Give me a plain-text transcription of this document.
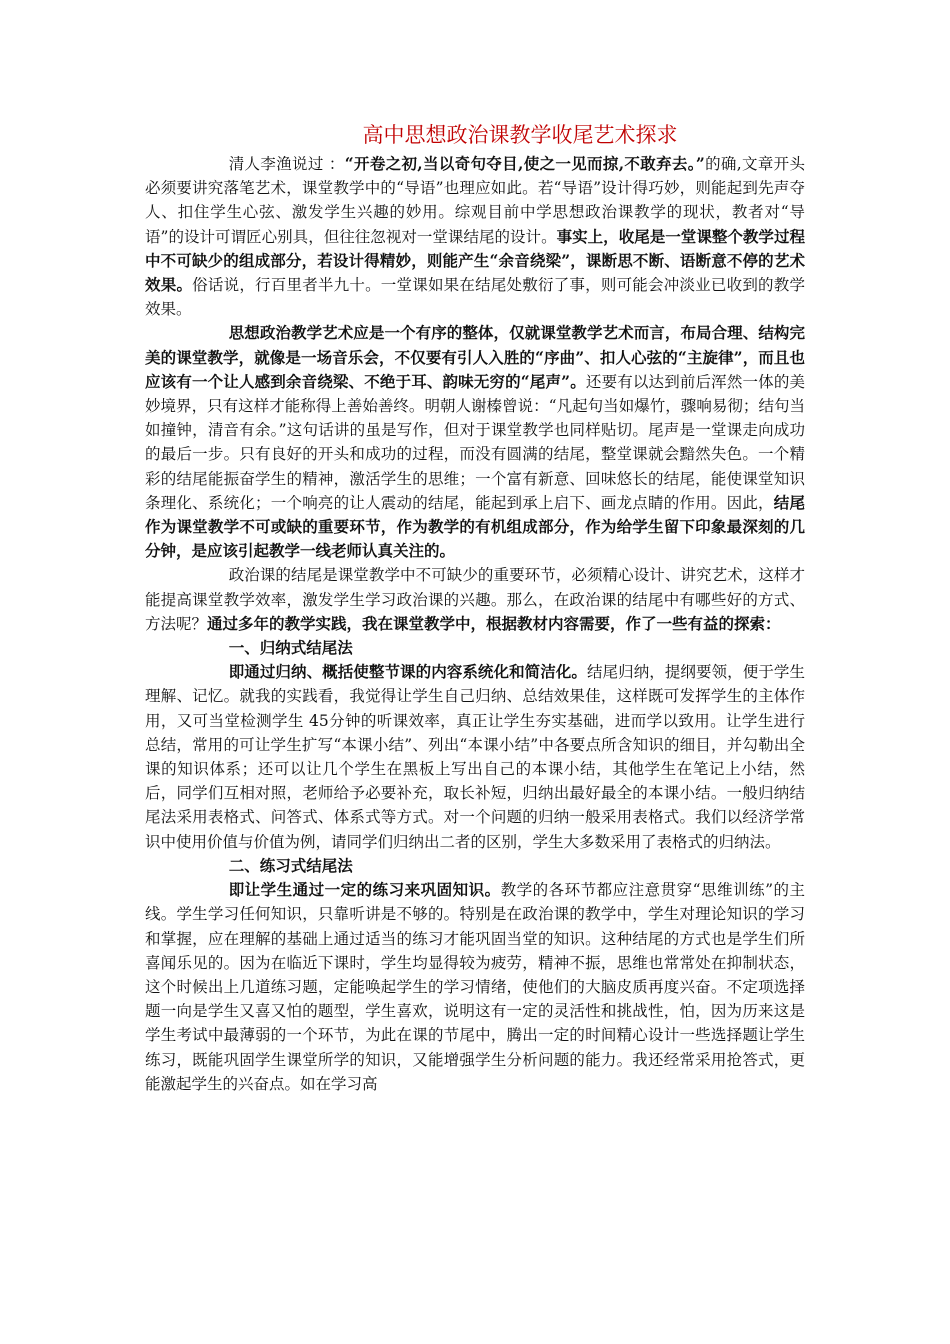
高中思想政治课教学收尾艺术探求

清人李渔说过 ：“开卷之初,当以奇句夺目,使之一见而掠,不敢弃去。”的确,文章开头必须要讲究落笔艺术，课堂教学中的“导语”也理应如此。若“导语”设计得巧妙，则能起到先声夺人、扣住学生心弦、激发学生兴趣的妙用。综观目前中学思想政治课教学的现状，教者对“导语”的设计可谓匠心别具，但往往忽视对一堂课结尾的设计。事实上，收尾是一堂课整个教学过程中不可缺少的组成部分，若设计得精妙，则能产生“余音绕梁”，课断思不断、语断意不停的艺术效果。俗话说，行百里者半九十。一堂课如果在结尾处敷衍了事，则可能会冲淡业已收到的教学效果。

思想政治教学艺术应是一个有序的整体，仅就课堂教学艺术而言，布局合理、结构完美的课堂教学，就像是一场音乐会，不仅要有引人入胜的“序曲”、扣人心弦的“主旋律”，而且也应该有一个让人感到余音绕梁、不绝于耳、韵味无穷的“尾声”。还要有以达到前后浑然一体的美妙境界，只有这样才能称得上善始善终。明朝人谢榛曾说：“凡起句当如爆竹，骤响易彻；结句当如撞钟，清音有余。”这句话讲的虽是写作，但对于课堂教学也同样贴切。尾声是一堂课走向成功的最后一步。只有良好的开头和成功的过程，而没有圆满的结尾，整堂课就会黯然失色。一个精彩的结尾能振奋学生的精神，激活学生的思维；一个富有新意、回味悠长的结尾，能使课堂知识条理化、系统化；一个响亮的让人震动的结尾，能起到承上启下、画龙点睛的作用。因此，结尾作为课堂教学不可或缺的重要环节，作为教学的有机组成部分，作为给学生留下印象最深刻的几分钟，是应该引起教学一线老师认真关注的。

政治课的结尾是课堂教学中不可缺少的重要环节，必须精心设计、讲究艺术，这样才能提高课堂教学效率，激发学生学习政治课的兴趣。那么，在政治课的结尾中有哪些好的方式、方法呢？通过多年的教学实践，我在课堂教学中，根据教材内容需要，作了一些有益的探索：

一、归纳式结尾法

即通过归纳、概括使整节课的内容系统化和简洁化。结尾归纳，提纲要领，便于学生理解、记忆。就我的实践看，我觉得让学生自己归纳、总结效果佳，这样既可发挥学生的主体作用，又可当堂检测学生 45分钟的听课效率，真正让学生夯实基础，进而学以致用。让学生进行总结，常用的可让学生扩写“本课小结”、列出“本课小结”中各要点所含知识的细目，并勾勒出全课的知识体系；还可以让几个学生在黑板上写出自己的本课小结，其他学生在笔记上小结，然后，同学们互相对照，老师给予必要补充，取长补短，归纳出最好最全的本课小结。一般归纳结尾法采用表格式、问答式、体系式等方式。对一个问题的归纳一般采用表格式。我们以经济学常识中使用价值与价值为例，请同学们归纳出二者的区别，学生大多数采用了表格式的归纳法。

二、练习式结尾法

即让学生通过一定的练习来巩固知识。教学的各环节都应注意贯穿“思维训练”的主线。学生学习任何知识，只靠听讲是不够的。特别是在政治课的教学中，学生对理论知识的学习和掌握，应在理解的基础上通过适当的练习才能巩固当堂的知识。这种结尾的方式也是学生们所喜闻乐见的。因为在临近下课时，学生均显得较为疲劳，精神不振，思维也常常处在抑制状态，这个时候出上几道练习题，定能唤起学生的学习情绪，使他们的大脑皮质再度兴奋。不定项选择题一向是学生又喜又怕的题型，学生喜欢，说明这有一定的灵活性和挑战性，怕，因为历来这是学生考试中最薄弱的一个环节，为此在课的节尾中，腾出一定的时间精心设计一些选择题让学生练习，既能巩固学生课堂所学的知识，又能增强学生分析问题的能力。我还经常采用抢答式，更能激起学生的兴奋点。如在学习高
